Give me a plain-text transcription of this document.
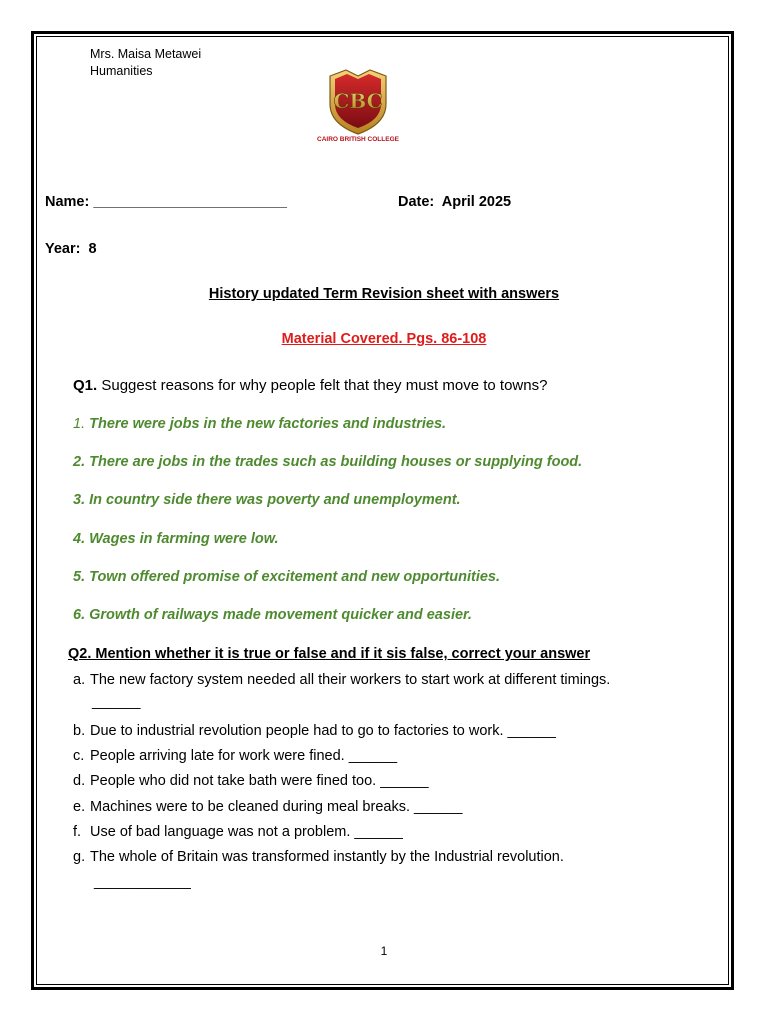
Mrs. Maisa Metawei
Humanities
CBC
CAIRO BRITISH COLLEGE
Name: ________________________	Date: April 2025
Year: 8
History updated Term Revision sheet with answers
Material Covered. Pgs. 86-108
Q1. Suggest reasons for why people felt that they must move to towns?
1. There were jobs in the new factories and industries.
2. There are jobs in the trades such as building houses or supplying food.
3. In country side there was poverty and unemployment.
4. Wages in farming were low.
5. Town offered promise of excitement and new opportunities.
6. Growth of railways made movement quicker and easier.
Q2. Mention whether it is true or false and if it sis false, correct your answer
a. The new factory system needed all their workers to start work at different timings.
______
b. Due to industrial revolution people had to go to factories to work. ______
c. People arriving late for work were fined. ______
d. People who did not take bath were fined too. ______
e. Machines were to be cleaned during meal breaks. ______
f. Use of bad language was not a problem. ______
g. The whole of Britain was transformed instantly by the Industrial revolution.
____________
1
